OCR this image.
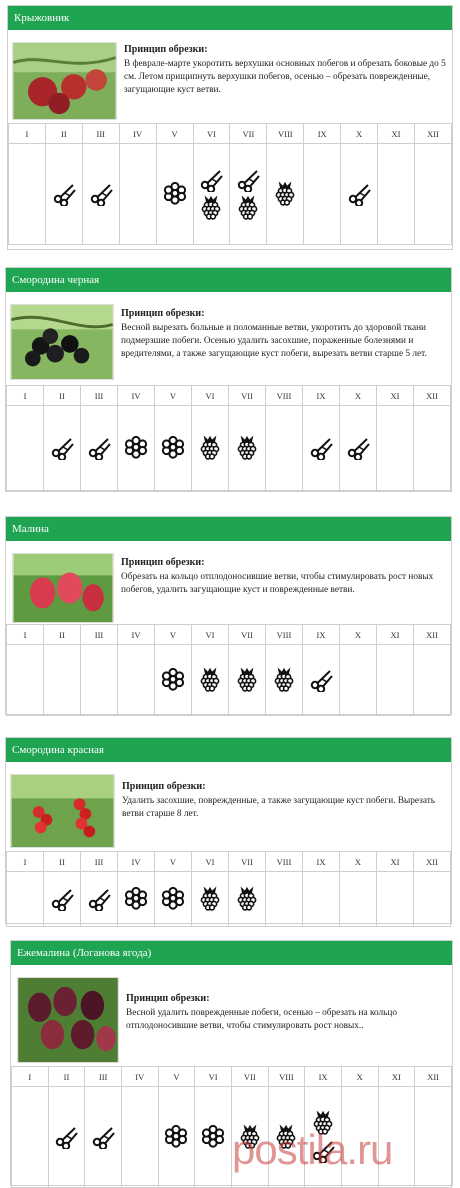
Крыжовник
Принцип обрезки:
В феврале-марте укоротить верхушки основных побегов и обрезать боковые до 5 см. Летом прищипнуть верхушки побегов, осенью – обрезать поврежденные, загущающие куст ветви.
I	II	III	IV	V	VI	VII	VIII	IX	X	XI	XII

Смородина черная
Принцип обрезки:
Весной вырезать больные и поломанные ветви, укоротить до здоровой ткани подмерзшие побеги. Осенью удалить засохшие, пораженные болезнями и вредителями, а также загущающие куст побеги, вырезать ветви старше 5 лет.
I	II	III	IV	V	VI	VII	VIII	IX	X	XI	XII

Малина
Принцип обрезки:
Обрезать на кольцо отплодоносившие ветви, чтобы стимулировать рост новых побегов, удалить загущающие куст и поврежденные ветви.
I	II	III	IV	V	VI	VII	VIII	IX	X	XI	XII

Смородина красная
Принцип обрезки:
Удалить засохшие, поврежденные, а также загущающие куст побеги. Вырезать ветви старше 8 лет.
I	II	III	IV	V	VI	VII	VIII	IX	X	XI	XII

Ежемалина (Логанова ягода)
Принцип обрезки:
Весной удалить поврежденные побеги, осенью – обрезать на кольцо отплодоносившие ветви, чтобы стимулировать рост новых..
I	II	III	IV	V	VI	VII	VIII	IX	X	XI	XII

postila.ru
